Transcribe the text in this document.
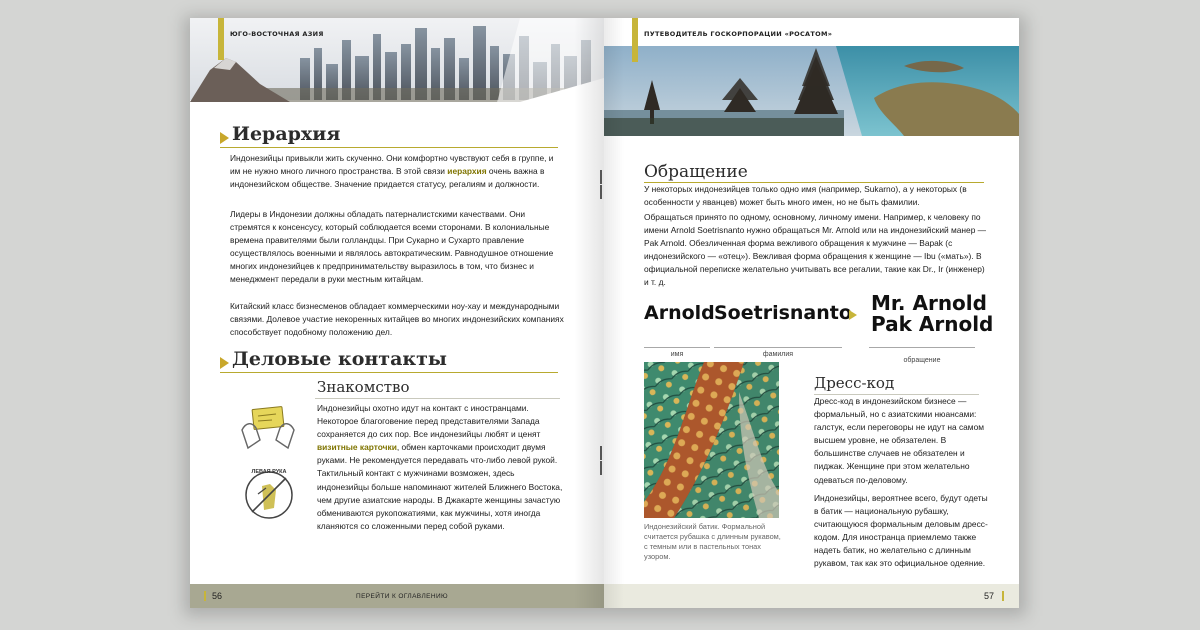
ЮГО-ВОСТОЧНАЯ АЗИЯ
Иерархия
Индонезийцы привыкли жить скученно. Они комфортно чувствуют себя в группе, и им не нужно много личного пространства. В этой связи иерархия очень важна в индонезийском обществе. Значение придается статусу, регалиям и должности.
Лидеры в Индонезии должны обладать патерналистскими качествами. Они стремятся к консенсусу, который соблюдается всеми сторонами. В колониальные времена правителями были голландцы. При Сукарно и Сухарто правление осуществлялось военными и являлось автократическим. Равнодушное отношение многих индонезийцев к предпринимательству выразилось в том, что бизнес и менеджмент передали в руки местным китайцам.
Китайский класс бизнесменов обладает коммерческими ноу-хау и международными связями. Долевое участие некоренных китайцев во многих индонезийских компаниях способствует подобному положению дел.
Деловые контакты
Знакомство
Индонезийцы охотно идут на контакт с иностранцами. Некоторое благоговение перед представителями Запада сохраняется до сих пор. Все индонезийцы любят и ценят визитные карточки, обмен карточками происходит двумя руками. Не рекомендуется передавать что-либо левой рукой. Тактильный контакт с мужчинами возможен, здесь индонезийцы больше напоминают жителей Ближнего Востока, чем другие азиатские народы. В Джакарте женщины зачастую обмениваются рукопожатиями, как мужчины, хотя иногда кланяются со сложенными перед собой руками.
ЛЕВАЯ РУКА
56	ПЕРЕЙТИ К ОГЛАВЛЕНИЮ
ПУТЕВОДИТЕЛЬ ГОСКОРПОРАЦИИ «РОСАТОМ»
Обращение
У некоторых индонезийцев только одно имя (например, Sukarno), а у некоторых (в особенности у яванцев) может быть много имен, но не быть фамилии.
Обращаться принято по одному, основному, личному имени. Например, к человеку по имени Arnold Soetrisnanto нужно обращаться Mr. Arnold или на индонезийский манер — Pak Arnold. Обезличенная форма вежливого обращения к мужчине — Bapak (с индонезийского — «отец»). Вежливая форма обращения к женщине — Ibu («мать»). В официальной переписке желательно учитывать все регалии, такие как Dr., Ir (инженер) и т. д.
Arnold Soetrisnanto Mr. Arnold
Pak Arnold
имя	фамилия
обращение
Индонезийский батик. Формальной считается рубашка с длинным рукавом, с темным или в пастельных тонах узором.
Дресс-код
Дресс-код в индонезийском бизнесе — формальный, но с азиатскими нюансами: галстук, если переговоры не идут на самом высшем уровне, не обязателен. В большинстве случаев не обязателен и пиджак. Женщине при этом желательно одеваться по-деловому.
Индонезийцы, вероятнее всего, будут одеты в батик — национальную рубашку, считающуюся формальным деловым дресс-кодом. Для иностранца приемлемо также надеть батик, но желательно с длинным рукавом, так как это официальное одеяние.
57
